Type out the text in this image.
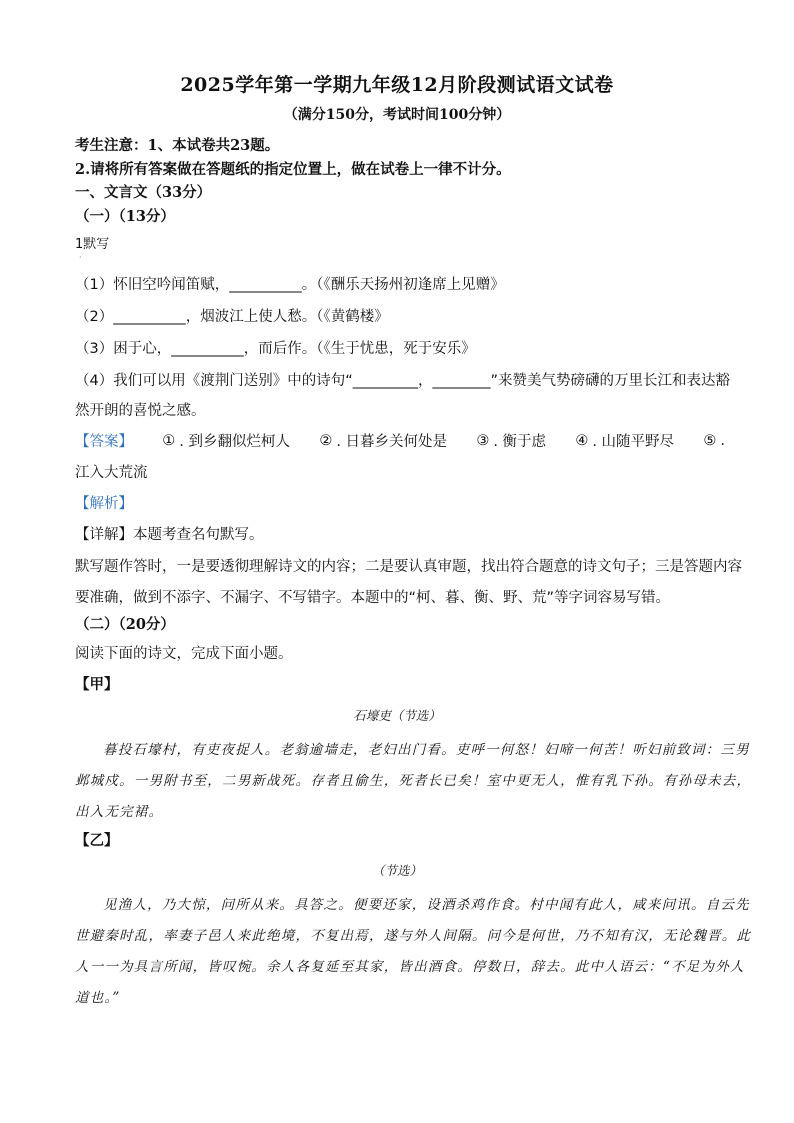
2025学年第一学期九年级12月阶段测试语文试卷
（满分150分，考试时间100分钟）
考生注意：1、本试卷共23题。
2.请将所有答案做在答题纸的指定位置上，做在试卷上一律不计分。
一、文言文（33分）
（一）（13分）
1默写
·
（1）怀旧空吟闻笛赋，__________。（《酬乐天扬州初逢席上见赠》
（2）__________，烟波江上使人愁。（《黄鹤楼》
（3）困于心，__________，而后作。（《生于忧患，死于安乐》
（4）我们可以用《渡荆门送别》中的诗句“_________，________”来赞美气势磅礴的万里长江和表达豁
然开朗的喜悦之感。
【答案】 ① . 到乡翻似烂柯人 ② . 日暮乡关何处是 ③ . 衡于虑 ④ . 山随平野尽 ⑤ .
江入大荒流
【解析】
【详解】本题考查名句默写。
默写题作答时，一是要透彻理解诗文的内容；二是要认真审题，找出符合题意的诗文句子；三是答题内容
要准确，做到不添字、不漏字、不写错字。本题中的“柯、暮、衡、野、荒”等字词容易写错。
（二）（20分）
阅读下面的诗文，完成下面小题。
【甲】
石壕吏（节选）
暮投石壕村，有吏夜捉人。老翁逾墙走，老妇出门看。吏呼一何怒！妇啼一何苦！听妇前致词：三男
邺城戍。一男附书至，二男新战死。存者且偷生，死者长已矣！室中更无人，惟有乳下孙。有孙母未去，
出入无完裙。
【乙】
（节选）
见渔人，乃大惊，问所从来。具答之。便要还家，设酒杀鸡作食。村中闻有此人，咸来问讯。自云先
世避秦时乱，率妻子邑人来此绝境，不复出焉，遂与外人间隔。问今是何世，乃不知有汉，无论魏晋。此
人一一为具言所闻，皆叹惋。余人各复延至其家，皆出酒食。停数日，辞去。此中人语云：“不足为外人
道也。”
